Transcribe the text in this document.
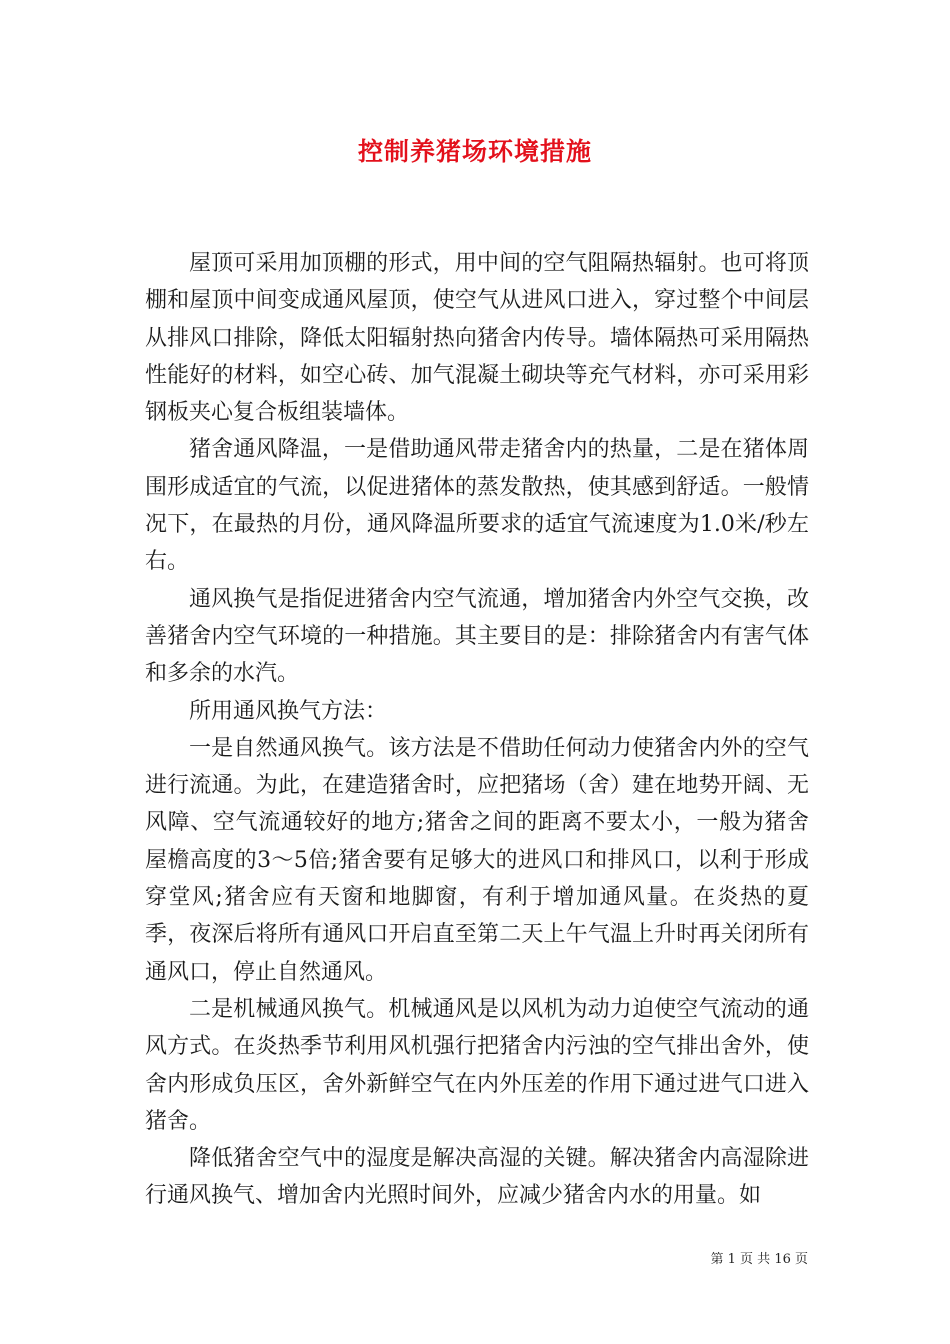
控制养猪场环境措施

屋顶可采用加顶棚的形式，用中间的空气阻隔热辐射。也可将顶棚和屋顶中间变成通风屋顶，使空气从进风口进入，穿过整个中间层从排风口排除，降低太阳辐射热向猪舍内传导。墙体隔热可采用隔热性能好的材料，如空心砖、加气混凝土砌块等充气材料，亦可采用彩钢板夹心复合板组装墙体。

猪舍通风降温，一是借助通风带走猪舍内的热量，二是在猪体周围形成适宜的气流，以促进猪体的蒸发散热，使其感到舒适。一般情况下，在最热的月份，通风降温所要求的适宜气流速度为1.0米/秒左右。

通风换气是指促进猪舍内空气流通，增加猪舍内外空气交换，改善猪舍内空气环境的一种措施。其主要目的是：排除猪舍内有害气体和多余的水汽。

所用通风换气方法：

一是自然通风换气。该方法是不借助任何动力使猪舍内外的空气进行流通。为此，在建造猪舍时，应把猪场（舍）建在地势开阔、无风障、空气流通较好的地方;猪舍之间的距离不要太小，一般为猪舍屋檐高度的3～5倍;猪舍要有足够大的进风口和排风口，以利于形成穿堂风;猪舍应有天窗和地脚窗，有利于增加通风量。在炎热的夏季，夜深后将所有通风口开启直至第二天上午气温上升时再关闭所有通风口，停止自然通风。

二是机械通风换气。机械通风是以风机为动力迫使空气流动的通风方式。在炎热季节利用风机强行把猪舍内污浊的空气排出舍外，使舍内形成负压区，舍外新鲜空气在内外压差的作用下通过进气口进入猪舍。

降低猪舍空气中的湿度是解决高湿的关键。解决猪舍内高湿除进行通风换气、增加舍内光照时间外，应减少猪舍内水的用量。如

第 1 页 共 16 页
